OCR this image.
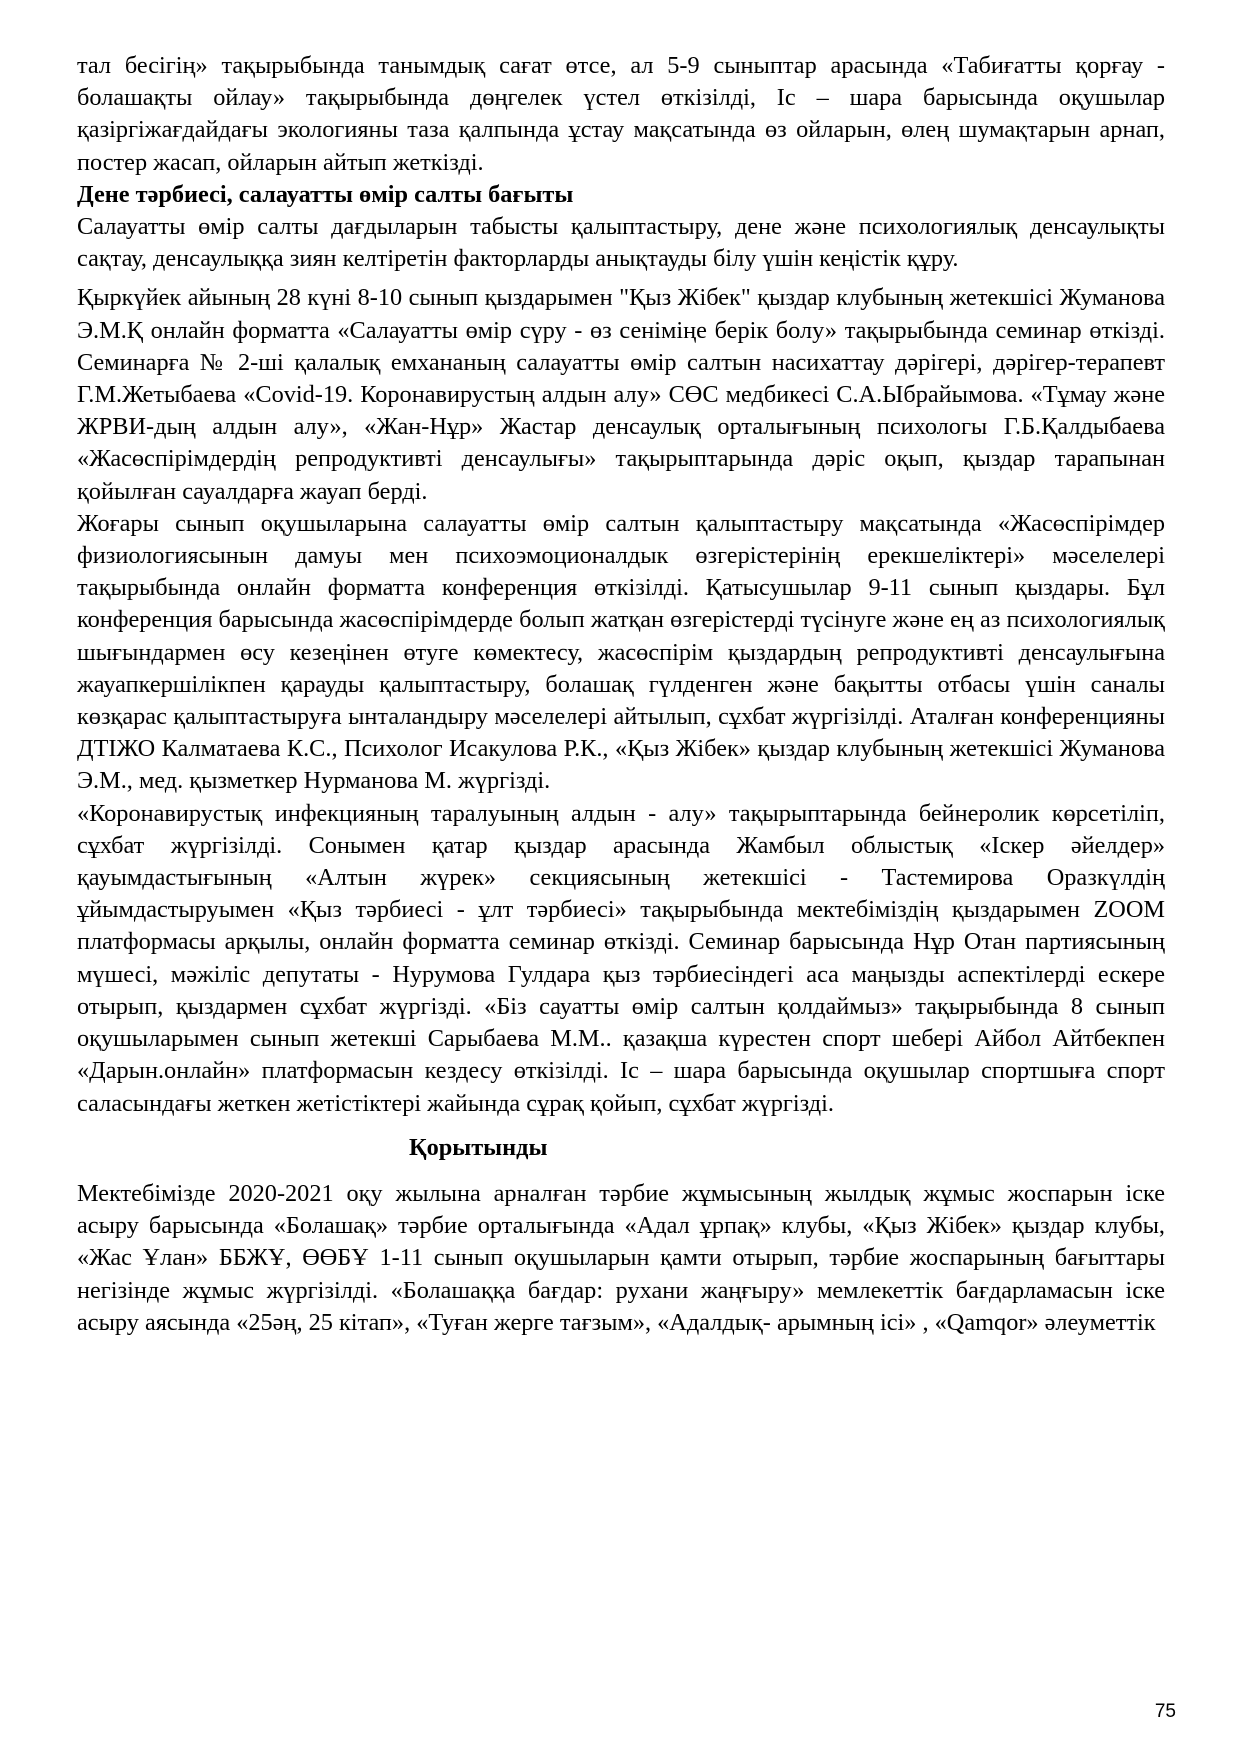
тал бесігің» тақырыбында танымдық сағат өтсе, ал 5-9 сыныптар арасында «Табиғатты қорғау - болашақты ойлау» тақырыбында дөңгелек үстел өткізілді, Іс – шара барысында оқушылар қазіргіжағдайдағы экологияны таза қалпында ұстау мақсатында өз ойларын, өлең шумақтарын арнап, постер жасап, ойларын айтып жеткізді.

Дене тәрбиесі, салауатты өмір салты бағыты

Салауатты өмір салты дағдыларын табысты қалыптастыру, дене және психологиялық денсаулықты сақтау, денсаулыққа зиян келтіретін факторларды анықтауды білу үшін кеңістік құру.

Қыркүйек айының 28 күні 8-10 сынып қыздарымен "Қыз Жібек" қыздар клубының жетекшісі Жуманова Э.М.Қ онлайн форматта «Салауатты өмір сүру - өз сеніміңе берік болу» тақырыбында семинар өткізді. Семинарға № 2-ші қалалық емхананың салауатты өмір салтын насихаттау дәрігері, дәрігер-терапевт Г.М.Жетыбаева «Covid-19. Коронавирустың алдын алу» СӨС медбикесі С.А.Ыбрайымова. «Тұмау және ЖРВИ-дың алдын алу», «Жан-Нұр» Жастар денсаулық орталығының психологы Г.Б.Қалдыбаева «Жасөспірімдердің репродуктивті денсаулығы» тақырыптарында дәріс оқып, қыздар тарапынан қойылған сауалдарға жауап берді.

Жоғары сынып оқушыларына салауатты өмір салтын қалыптастыру мақсатында «Жасөспірімдер физиологиясынын дамуы мен психоэмоционалдык өзгерістерінің ерекшеліктері» мәселелері тақырыбында онлайн форматта конференция өткізілді. Қатысушылар 9-11 сынып қыздары. Бұл конференция барысында жасөспірімдерде болып жатқан өзгерістерді түсінуге және ең аз психологиялық шығындармен өсу кезеңінен өтуге көмектесу, жасөспірім қыздардың репродуктивті денсаулығына жауапкершілікпен қарауды қалыптастыру, болашақ гүлденген және бақытты отбасы үшін саналы көзқарас қалыптастыруға ынталандыру мәселелері айтылып, сұхбат жүргізілді. Аталған конференцияны ДТІЖО Калматаева К.С., Психолог Исакулова Р.К., «Қыз Жібек» қыздар клубының жетекшісі Жуманова Э.М., мед. қызметкер Нурманова М. жүргізді.

«Коронавирустық инфекцияның таралуының алдын - алу» тақырыптарында бейнеролик көрсетіліп, сұхбат жүргізілді. Сонымен қатар қыздар арасында Жамбыл облыстық «Іскер әйелдер» қауымдастығының «Алтын жүрек» секциясының жетекшісі - Тастемирова Оразкүлдің ұйымдастыруымен «Қыз тәрбиесі - ұлт тәрбиесі» тақырыбында мектебіміздің қыздарымен ZOOM платформасы арқылы, онлайн форматта семинар өткізді. Семинар барысында Нұр Отан партиясының мүшесі, мәжіліс депутаты - Нурумова Гулдара қыз тәрбиесіндегі аса маңызды аспектілерді ескере отырып, қыздармен сұхбат жүргізді. «Біз сауатты өмір салтын қолдаймыз» тақырыбында 8 сынып оқушыларымен сынып жетекші Сарыбаева М.М.. қазақша күрестен спорт шебері Айбол Айтбекпен «Дарын.онлайн» платформасын кездесу өткізілді. Іс – шара барысында оқушылар спортшыға спорт саласындағы жеткен жетістіктері жайында сұрақ қойып, сұхбат жүргізді.

Қорытынды

Мектебімізде 2020-2021 оқу жылына арналған тәрбие жұмысының жылдық жұмыс жоспарын іске асыру барысында «Болашақ» тәрбие орталығында «Адал ұрпақ» клубы, «Қыз Жібек» қыздар клубы, «Жас Ұлан» ББЖҰ, ӨӨБҰ 1-11 сынып оқушыларын қамти отырып, тәрбие жоспарының бағыттары негізінде жұмыс жүргізілді. «Болашаққа бағдар: рухани жаңғыру» мемлекеттік бағдарламасын іске асыру аясында «25әң, 25 кітап», «Туған жерге тағзым», «Адалдық- арымның ісі» , «Qamqor» әлеуметтік

75
